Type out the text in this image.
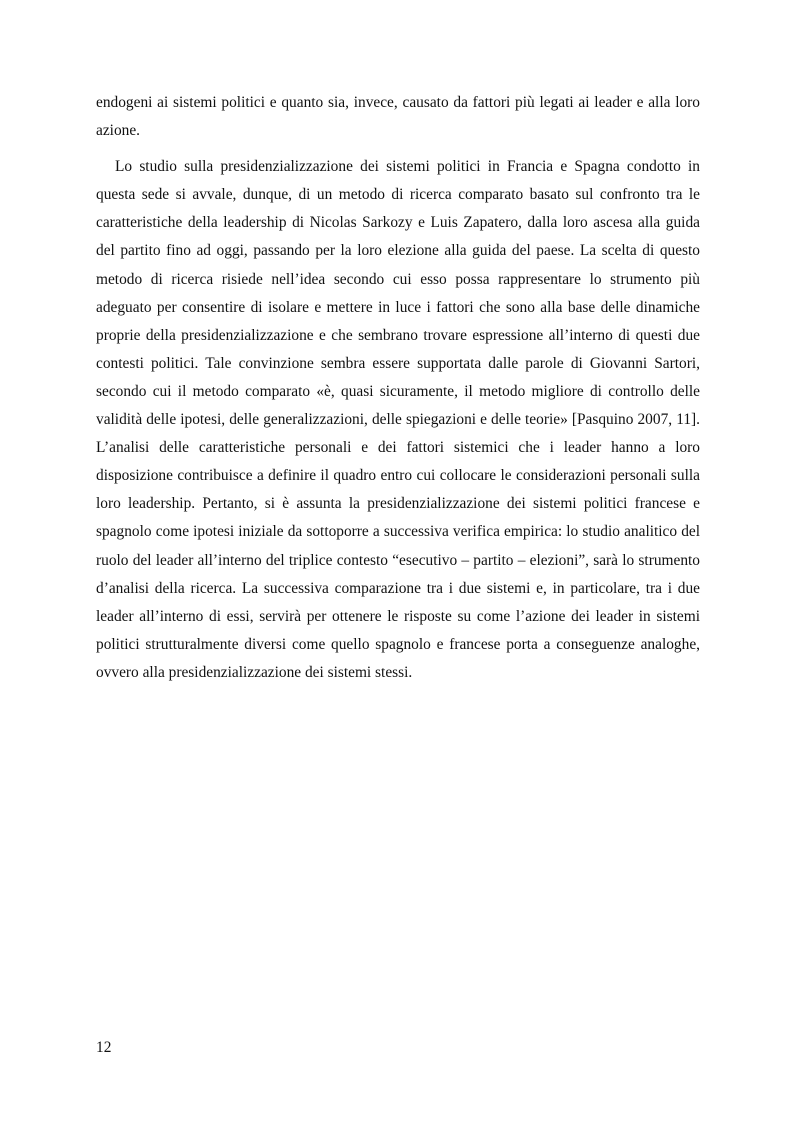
endogeni ai sistemi politici e quanto sia, invece, causato da fattori più legati ai leader e alla loro azione.

Lo studio sulla presidenzializzazione dei sistemi politici in Francia e Spagna condotto in questa sede si avvale, dunque, di un metodo di ricerca comparato basato sul confronto tra le caratteristiche della leadership di Nicolas Sarkozy e Luis Zapatero, dalla loro ascesa alla guida del partito fino ad oggi, passando per la loro elezione alla guida del paese. La scelta di questo metodo di ricerca risiede nell’idea secondo cui esso possa rappresentare lo strumento più adeguato per consentire di isolare e mettere in luce i fattori che sono alla base delle dinamiche proprie della presidenzializzazione e che sembrano trovare espressione all’interno di questi due contesti politici. Tale convinzione sembra essere supportata dalle parole di Giovanni Sartori, secondo cui il metodo comparato «è, quasi sicuramente, il metodo migliore di controllo delle validità delle ipotesi, delle generalizzazioni, delle spiegazioni e delle teorie» [Pasquino 2007, 11]. L’analisi delle caratteristiche personali e dei fattori sistemici che i leader hanno a loro disposizione contribuisce a definire il quadro entro cui collocare le considerazioni personali sulla loro leadership. Pertanto, si è assunta la presidenzializzazione dei sistemi politici francese e spagnolo come ipotesi iniziale da sottoporre a successiva verifica empirica: lo studio analitico del ruolo del leader all’interno del triplice contesto “esecutivo – partito – elezioni”, sarà lo strumento d’analisi della ricerca. La successiva comparazione tra i due sistemi e, in particolare, tra i due leader all’interno di essi, servirà per ottenere le risposte su come l’azione dei leader in sistemi politici strutturalmente diversi come quello spagnolo e francese porta a conseguenze analoghe, ovvero alla presidenzializzazione dei sistemi stessi.

12
